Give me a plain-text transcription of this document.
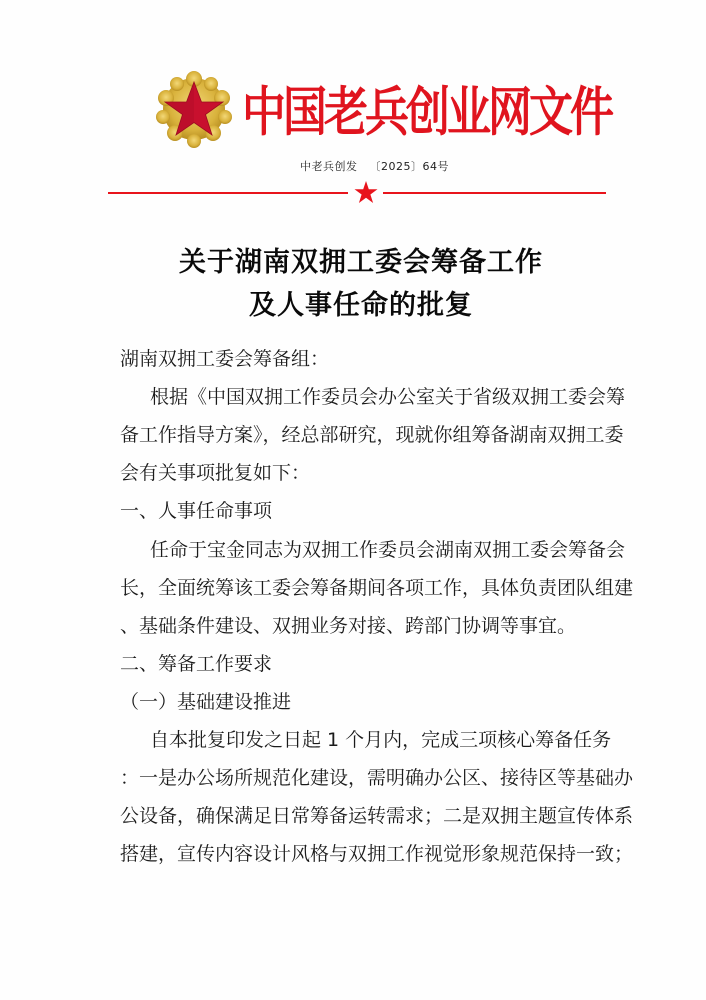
中国老兵创业网文件
中老兵创发 〔2025〕64号
关于湖南双拥工委会筹备工作
及人事任命的批复
湖南双拥工委会筹备组：
根据《中国双拥工作委员会办公室关于省级双拥工委会筹
备工作指导方案》，经总部研究，现就你组筹备湖南双拥工委
会有关事项批复如下：
一、人事任命事项
任命于宝金同志为双拥工作委员会湖南双拥工委会筹备会
长，全面统筹该工委会筹备期间各项工作，具体负责团队组建
、基础条件建设、双拥业务对接、跨部门协调等事宜。
二、筹备工作要求
（一）基础建设推进
自本批复印发之日起 1 个月内，完成三项核心筹备任务
：一是办公场所规范化建设，需明确办公区、接待区等基础办
公设备，确保满足日常筹备运转需求；二是双拥主题宣传体系
搭建，宣传内容设计风格与双拥工作视觉形象规范保持一致；
